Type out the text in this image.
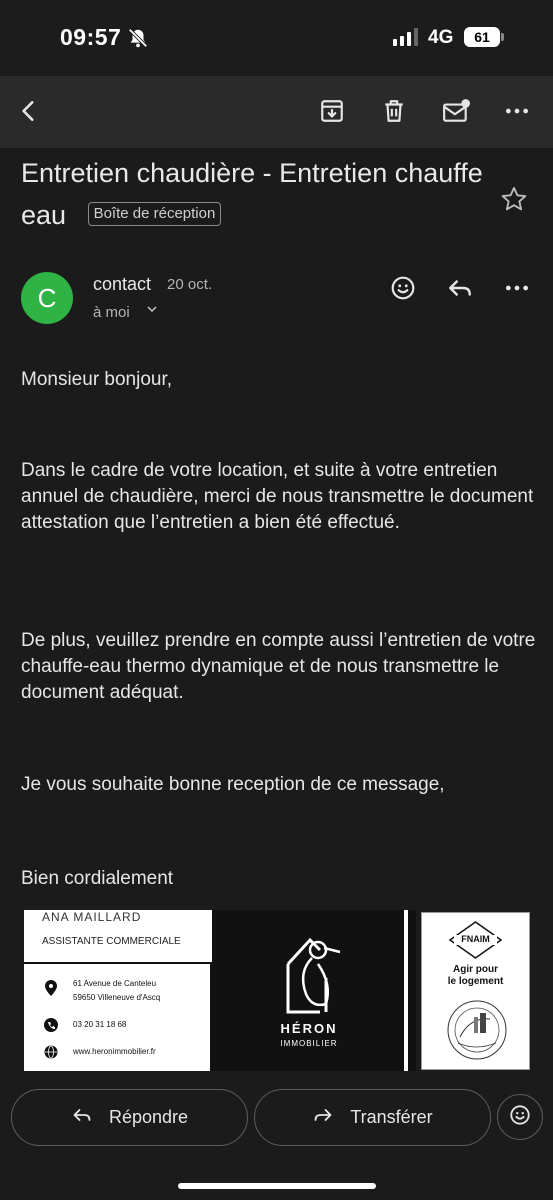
09:57	4G	61
Entretien chaudière - Entretien chauffe eau Boîte de réception
C	contact 20 oct.
à moi
Monsieur bonjour,
Dans le cadre de votre location, et suite à votre entretien annuel de chaudière, merci de nous transmettre le document attestation que l’entretien a bien été effectué.
De plus, veuillez prendre en compte aussi l’entretien de votre chauffe-eau thermo dynamique et de nous transmettre le document adéquat.
Je vous souhaite bonne reception de ce message,
Bien cordialement
ANA MAILLARD
ASSISTANTE COMMERCIALE
61 Avenue de Canteleu
59650 Villeneuve d'Ascq
03 20 31 18 68
www.heronimmobilier.fr
HÉRON
IMMOBILIER
FNAIM
Agir pour
le logement
Répondre	Transférer
